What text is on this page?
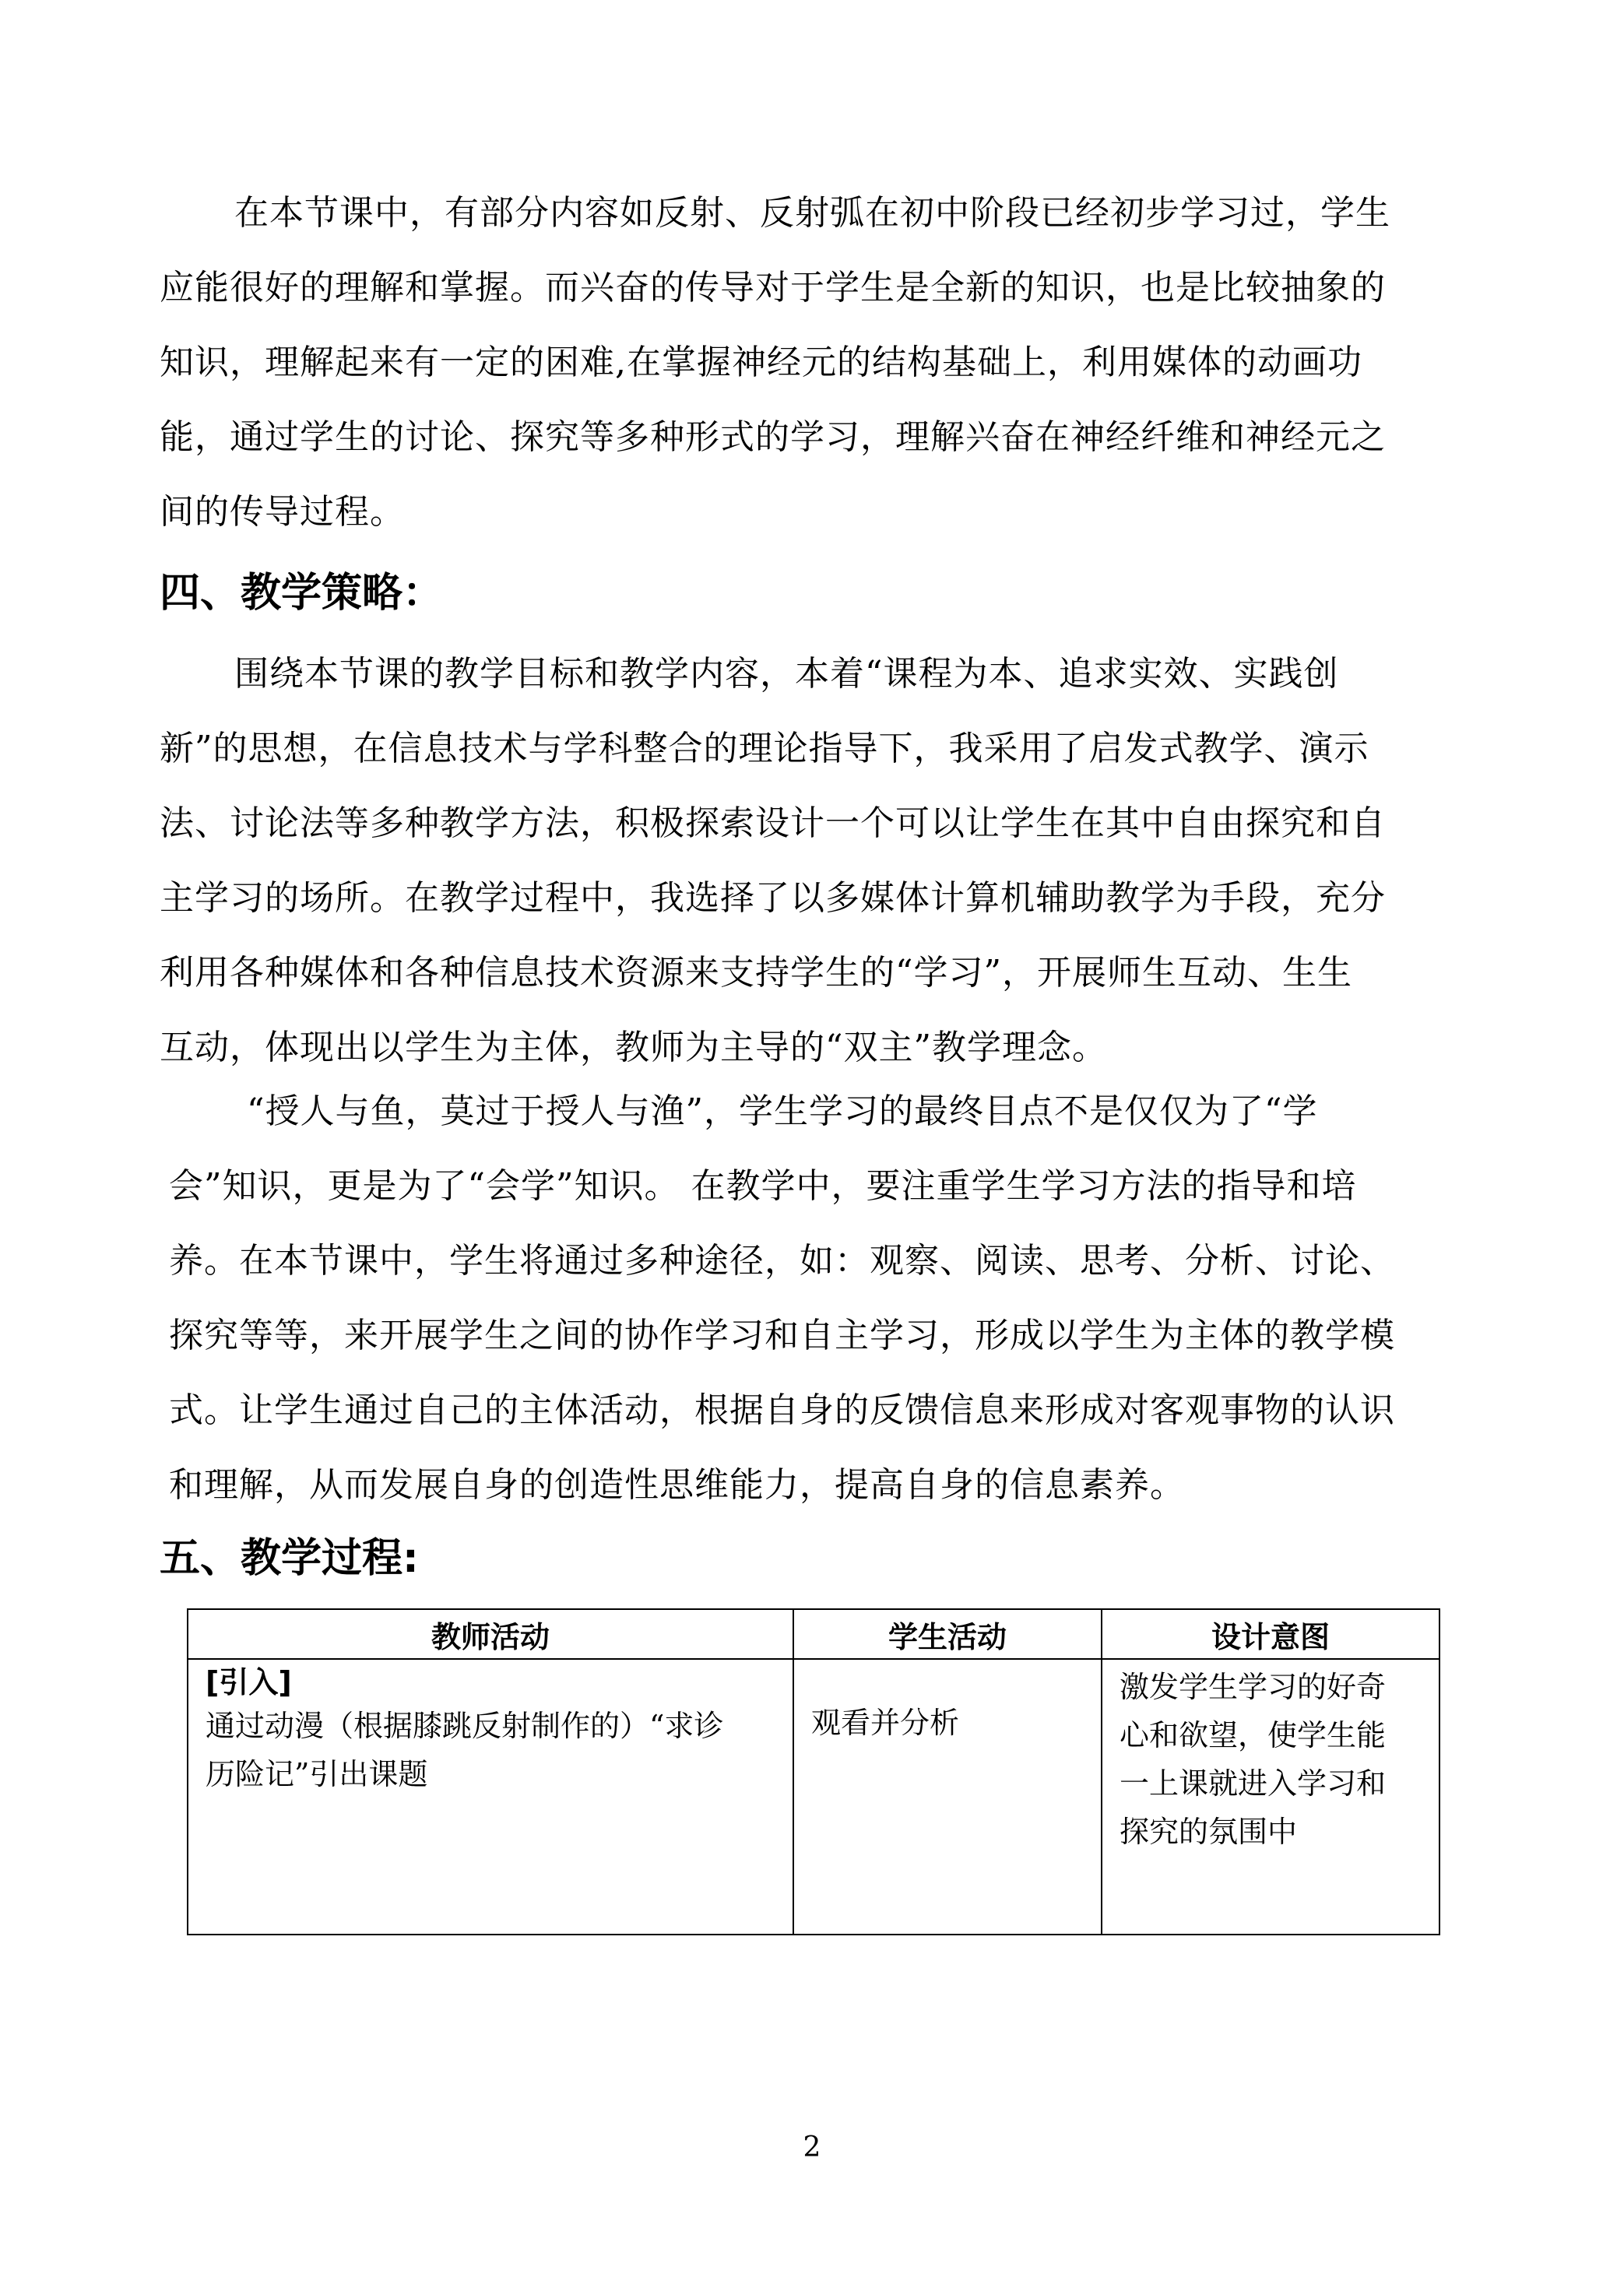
在本节课中，有部分内容如反射、反射弧在初中阶段已经初步学习过，学生
应能很好的理解和掌握。而兴奋的传导对于学生是全新的知识，也是比较抽象的
知识，理解起来有一定的困难,在掌握神经元的结构基础上，利用媒体的动画功
能，通过学生的讨论、探究等多种形式的学习，理解兴奋在神经纤维和神经元之
间的传导过程。
四、教学策略：
围绕本节课的教学目标和教学内容，本着“课程为本、追求实效、实践创
新”的思想，在信息技术与学科整合的理论指导下，我采用了启发式教学、演示
法、讨论法等多种教学方法，积极探索设计一个可以让学生在其中自由探究和自
主学习的场所。在教学过程中，我选择了以多媒体计算机辅助教学为手段，充分
利用各种媒体和各种信息技术资源来支持学生的“学习”，开展师生互动、生生
互动，体现出以学生为主体，教师为主导的“双主”教学理念。
“授人与鱼，莫过于授人与渔”，学生学习的最终目点不是仅仅为了“学
会”知识，更是为了“会学”知识。 在教学中，要注重学生学习方法的指导和培
养。在本节课中，学生将通过多种途径，如：观察、阅读、思考、分析、讨论、
探究等等，来开展学生之间的协作学习和自主学习，形成以学生为主体的教学模
式。让学生通过自己的主体活动，根据自身的反馈信息来形成对客观事物的认识
和理解，从而发展自身的创造性思维能力，提高自身的信息素养。
五、教学过程:
教师活动	学生活动	设计意图

[引入]
通过动漫（根据膝跳反射制作的）“求诊
历险记”引出课题	观看并分析	激发学生学习的好奇
心和欲望，使学生能
一上课就进入学习和
探究的氛围中
2
